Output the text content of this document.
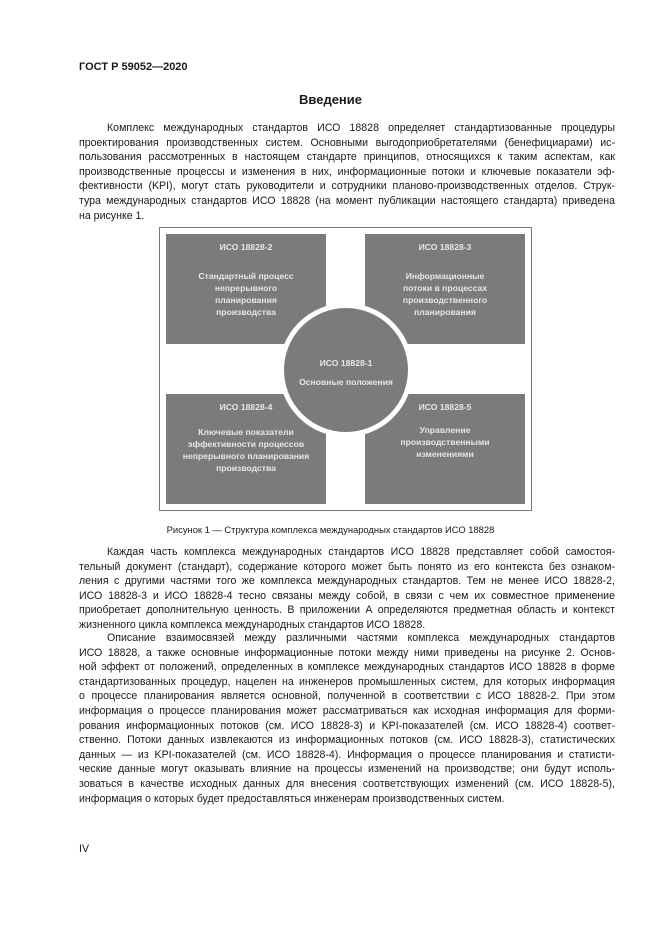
ГОСТ Р 59052—2020
Введение
Комплекс международных стандартов ИСО 18828 определяет стандартизованные процедуры
проектирования производственных систем. Основными выгодоприобретателями (бенефициарами) ис-
пользования рассмотренных в настоящем стандарте принципов, относящихся к таким аспектам, как
производственные процессы и изменения в них, информационные потоки и ключевые показатели эф-
фективности (KPI), могут стать руководители и сотрудники планово-производственных отделов. Струк-
тура международных стандартов ИСО 18828 (на момент публикации настоящего стандарта) приведена
на рисунке 1.
ИСО 18828-2
Стандартный процесс
непрерывного
планирования
производства
ИСО 18828-3
Информационные
потоки в процессах
производственного
планирования
ИСО 18828-4
Ключевые показатели
эффективности процессов
непрерывного планирования
производства
ИСО 18828-5
Управление
производственными
изменениями
ИСО 18828-1
Основные положения
Рисунок 1 — Структура комплекса международных стандартов ИСО 18828
Каждая часть комплекса международных стандартов ИСО 18828 представляет собой самостоя-
тельный документ (стандарт), содержание которого может быть понято из его контекста без ознаком-
ления с другими частями того же комплекса международных стандартов. Тем не менее ИСО 18828-2,
ИСО 18828-3 и ИСО 18828-4 тесно связаны между собой, в связи с чем их совместное применение
приобретает дополнительную ценность. В приложении А определяются предметная область и контекст
жизненного цикла комплекса международных стандартов ИСО 18828.
Описание взаимосвязей между различными частями комплекса международных стандартов
ИСО 18828, а также основные информационные потоки между ними приведены на рисунке 2. Основ-
ной эффект от положений, определенных в комплексе международных стандартов ИСО 18828 в форме
стандартизованных процедур, нацелен на инженеров промышленных систем, для которых информация
о процессе планирования является основной, полученной в соответствии с ИСО 18828-2. При этом
информация о процессе планирования может рассматриваться как исходная информация для форми-
рования информационных потоков (см. ИСО 18828-3) и KPI-показателей (см. ИСО 18828-4) соответ-
ственно. Потоки данных извлекаются из информационных потоков (см. ИСО 18828-3), статистических
данных — из KPI-показателей (см. ИСО 18828-4). Информация о процессе планирования и статисти-
ческие данные могут оказывать влияние на процессы изменений на производстве; они будут исполь-
зоваться в качестве исходных данных для внесения соответствующих изменений (см. ИСО 18828-5),
информация о которых будет предоставляться инженерам производственных систем.
IV
